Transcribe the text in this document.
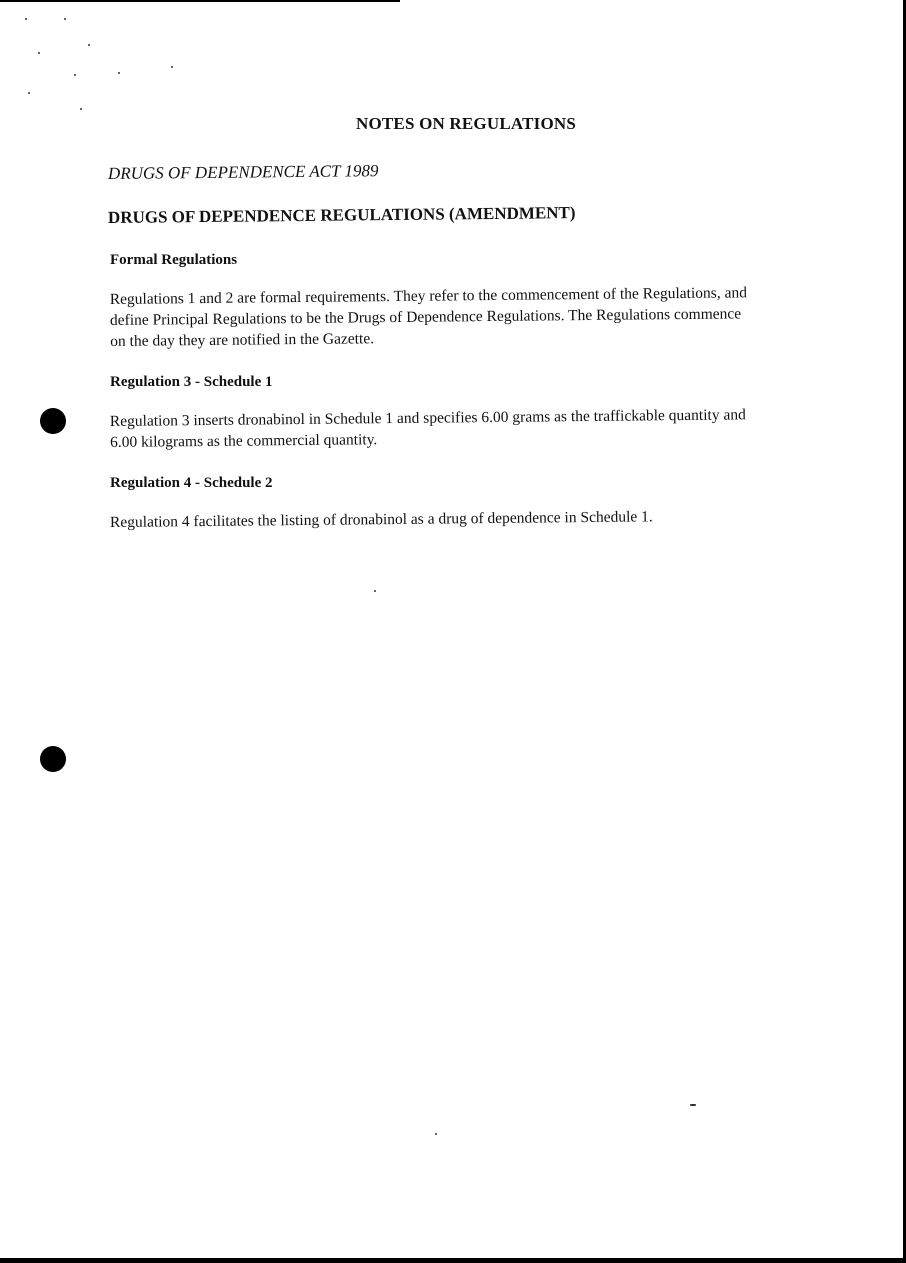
NOTES ON REGULATIONS
DRUGS OF DEPENDENCE ACT 1989
DRUGS OF DEPENDENCE REGULATIONS (AMENDMENT)
Formal Regulations
Regulations 1 and 2 are formal requirements. They refer to the commencement of the Regulations, and define Principal Regulations to be the Drugs of Dependence Regulations. The Regulations commence on the day they are notified in the Gazette.
Regulation 3 - Schedule 1
Regulation 3 inserts dronabinol in Schedule 1 and specifies 6.00 grams as the traffickable quantity and 6.00 kilograms as the commercial quantity.
Regulation 4 - Schedule 2
Regulation 4 facilitates the listing of dronabinol as a drug of dependence in Schedule 1.
